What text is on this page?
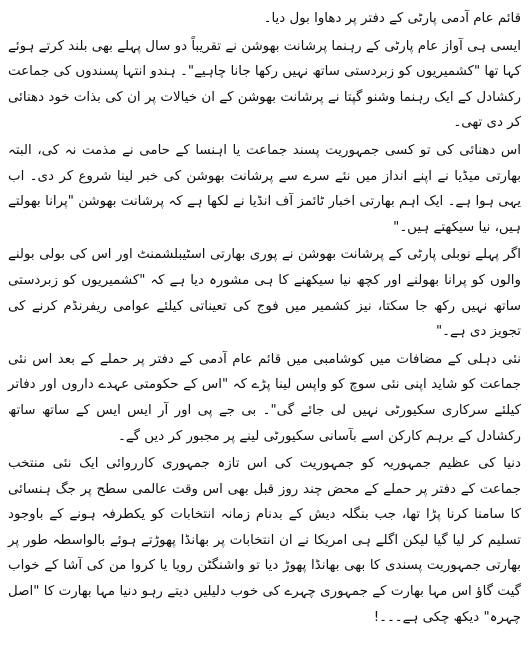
قائم عام آدمی پارٹی کے دفتر پر دھاوا بول دیا۔

ایسی ہی آواز عام پارٹی کے رہنما پرشانت بھوشن نے تقریباً دو سال پہلے بھی بلند کرتے ہوئے کہا تھا "کشمیریوں کو زبردستی ساتھ نہیں رکھا جانا چاہیے"۔ ہندو انتہا پسندوں کی جماعت رکشادل کے ایک رہنما وشنو گپتا نے پرشانت بھوشن کے ان خیالات پر ان کی بذات خود دھنائی کر دی تھی۔

اس دھنائی کی تو کسی جمہوریت پسند جماعت یا اہنسا کے حامی نے مذمت نہ کی، البتہ بھارتی میڈیا نے اپنے انداز میں نئے سرے سے پرشانت بھوشن کی خبر لینا شروع کر دی۔ اب یہی ہوا ہے۔ ایک اہم بھارتی اخبار ٹائمز آف انڈیا نے لکھا ہے کہ پرشانت بھوشن "پرانا بھولتے ہیں، نیا سیکھتے ہیں۔"

اگر پہلے نوبلی پارٹی کے پرشانت بھوشن نے پوری بھارتی اسٹیبلشمنٹ اور اس کی بولی بولنے والوں کو پرانا بھولنے اور کچھ نیا سیکھنے کا ہی مشورہ دیا ہے کہ "کشمیریوں کو زبردستی ساتھ نہیں رکھ جا سکتا، نیز کشمیر میں فوج کی تعیناتی کیلئے عوامی ریفرنڈم کرنے کی تجویز دی ہے۔"

نئی دہلی کے مضافات میں کوشامبی میں قائم عام آدمی کے دفتر پر حملے کے بعد اس نئی جماعت کو شاید اپنی نئی سوچ کو واپس لینا پڑے کہ "اس کے حکومتی عہدے داروں اور دفاتر کیلئے سرکاری سکیورٹی نہیں لی جائے گی"۔ بی جے پی اور آر ایس ایس کے ساتھ ساتھ رکشادل کے برہم کارکن اسے بآسانی سکیورٹی لینے پر مجبور کر دیں گے۔

دنیا کی عظیم جمہوریہ کو جمہوریت کی اس تازہ جمہوری کارروائی ایک نئی منتخب جماعت کے دفتر پر حملے کے محض چند روز قبل بھی اس وقت عالمی سطح پر جگ ہنسائی کا سامنا کرنا پڑا تھا، جب بنگلہ دیش کے بدنام زمانہ انتخابات کو یکطرفہ ہونے کے باوجود تسلیم کر لیا گیا لیکن اگلے ہی امریکا نے ان انتخابات پر بھانڈا پھوڑتے ہوئے بالواسطہ طور پر بھارتی جمہوریت پسندی کا بھی بھانڈا پھوڑ دیا تو واشنگٹن رویا یا کروا من کی آشا کے خواب گیت گاؤ اس مہا بھارت کے جمہوری چہرے کی خوب دلیلیں دیتے رہو دنیا مہا بھارت کا "اصل چہرہ" دیکھ چکی ہے۔۔۔!
